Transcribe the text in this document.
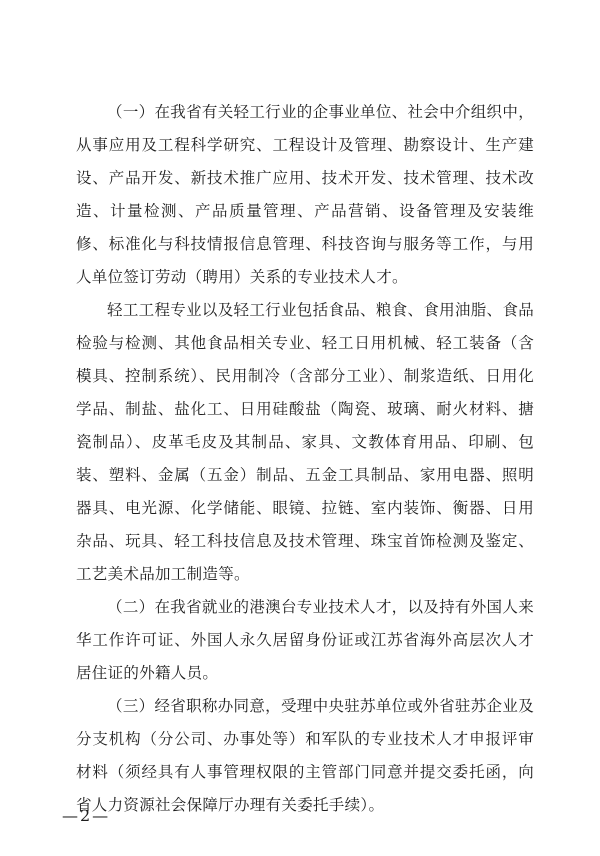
（一）在我省有关轻工行业的企事业单位、社会中介组织中，从事应用及工程科学研究、工程设计及管理、勘察设计、生产建设、产品开发、新技术推广应用、技术开发、技术管理、技术改造、计量检测、产品质量管理、产品营销、设备管理及安装维修、标准化与科技情报信息管理、科技咨询与服务等工作，与用人单位签订劳动（聘用）关系的专业技术人才。

轻工工程专业以及轻工行业包括食品、粮食、食用油脂、食品检验与检测、其他食品相关专业、轻工日用机械、轻工装备（含模具、控制系统）、民用制冷（含部分工业）、制浆造纸、日用化学品、制盐、盐化工、日用硅酸盐（陶瓷、玻璃、耐火材料、搪瓷制品）、皮革毛皮及其制品、家具、文教体育用品、印刷、包装、塑料、金属（五金）制品、五金工具制品、家用电器、照明器具、电光源、化学储能、眼镜、拉链、室内装饰、衡器、日用杂品、玩具、轻工科技信息及技术管理、珠宝首饰检测及鉴定、工艺美术品加工制造等。

（二）在我省就业的港澳台专业技术人才，以及持有外国人来华工作许可证、外国人永久居留身份证或江苏省海外高层次人才居住证的外籍人员。

（三）经省职称办同意，受理中央驻苏单位或外省驻苏企业及分支机构（分公司、办事处等）和军队的专业技术人才申报评审材料（须经具有人事管理权限的主管部门同意并提交委托函，向省人力资源社会保障厅办理有关委托手续）。

—2—
